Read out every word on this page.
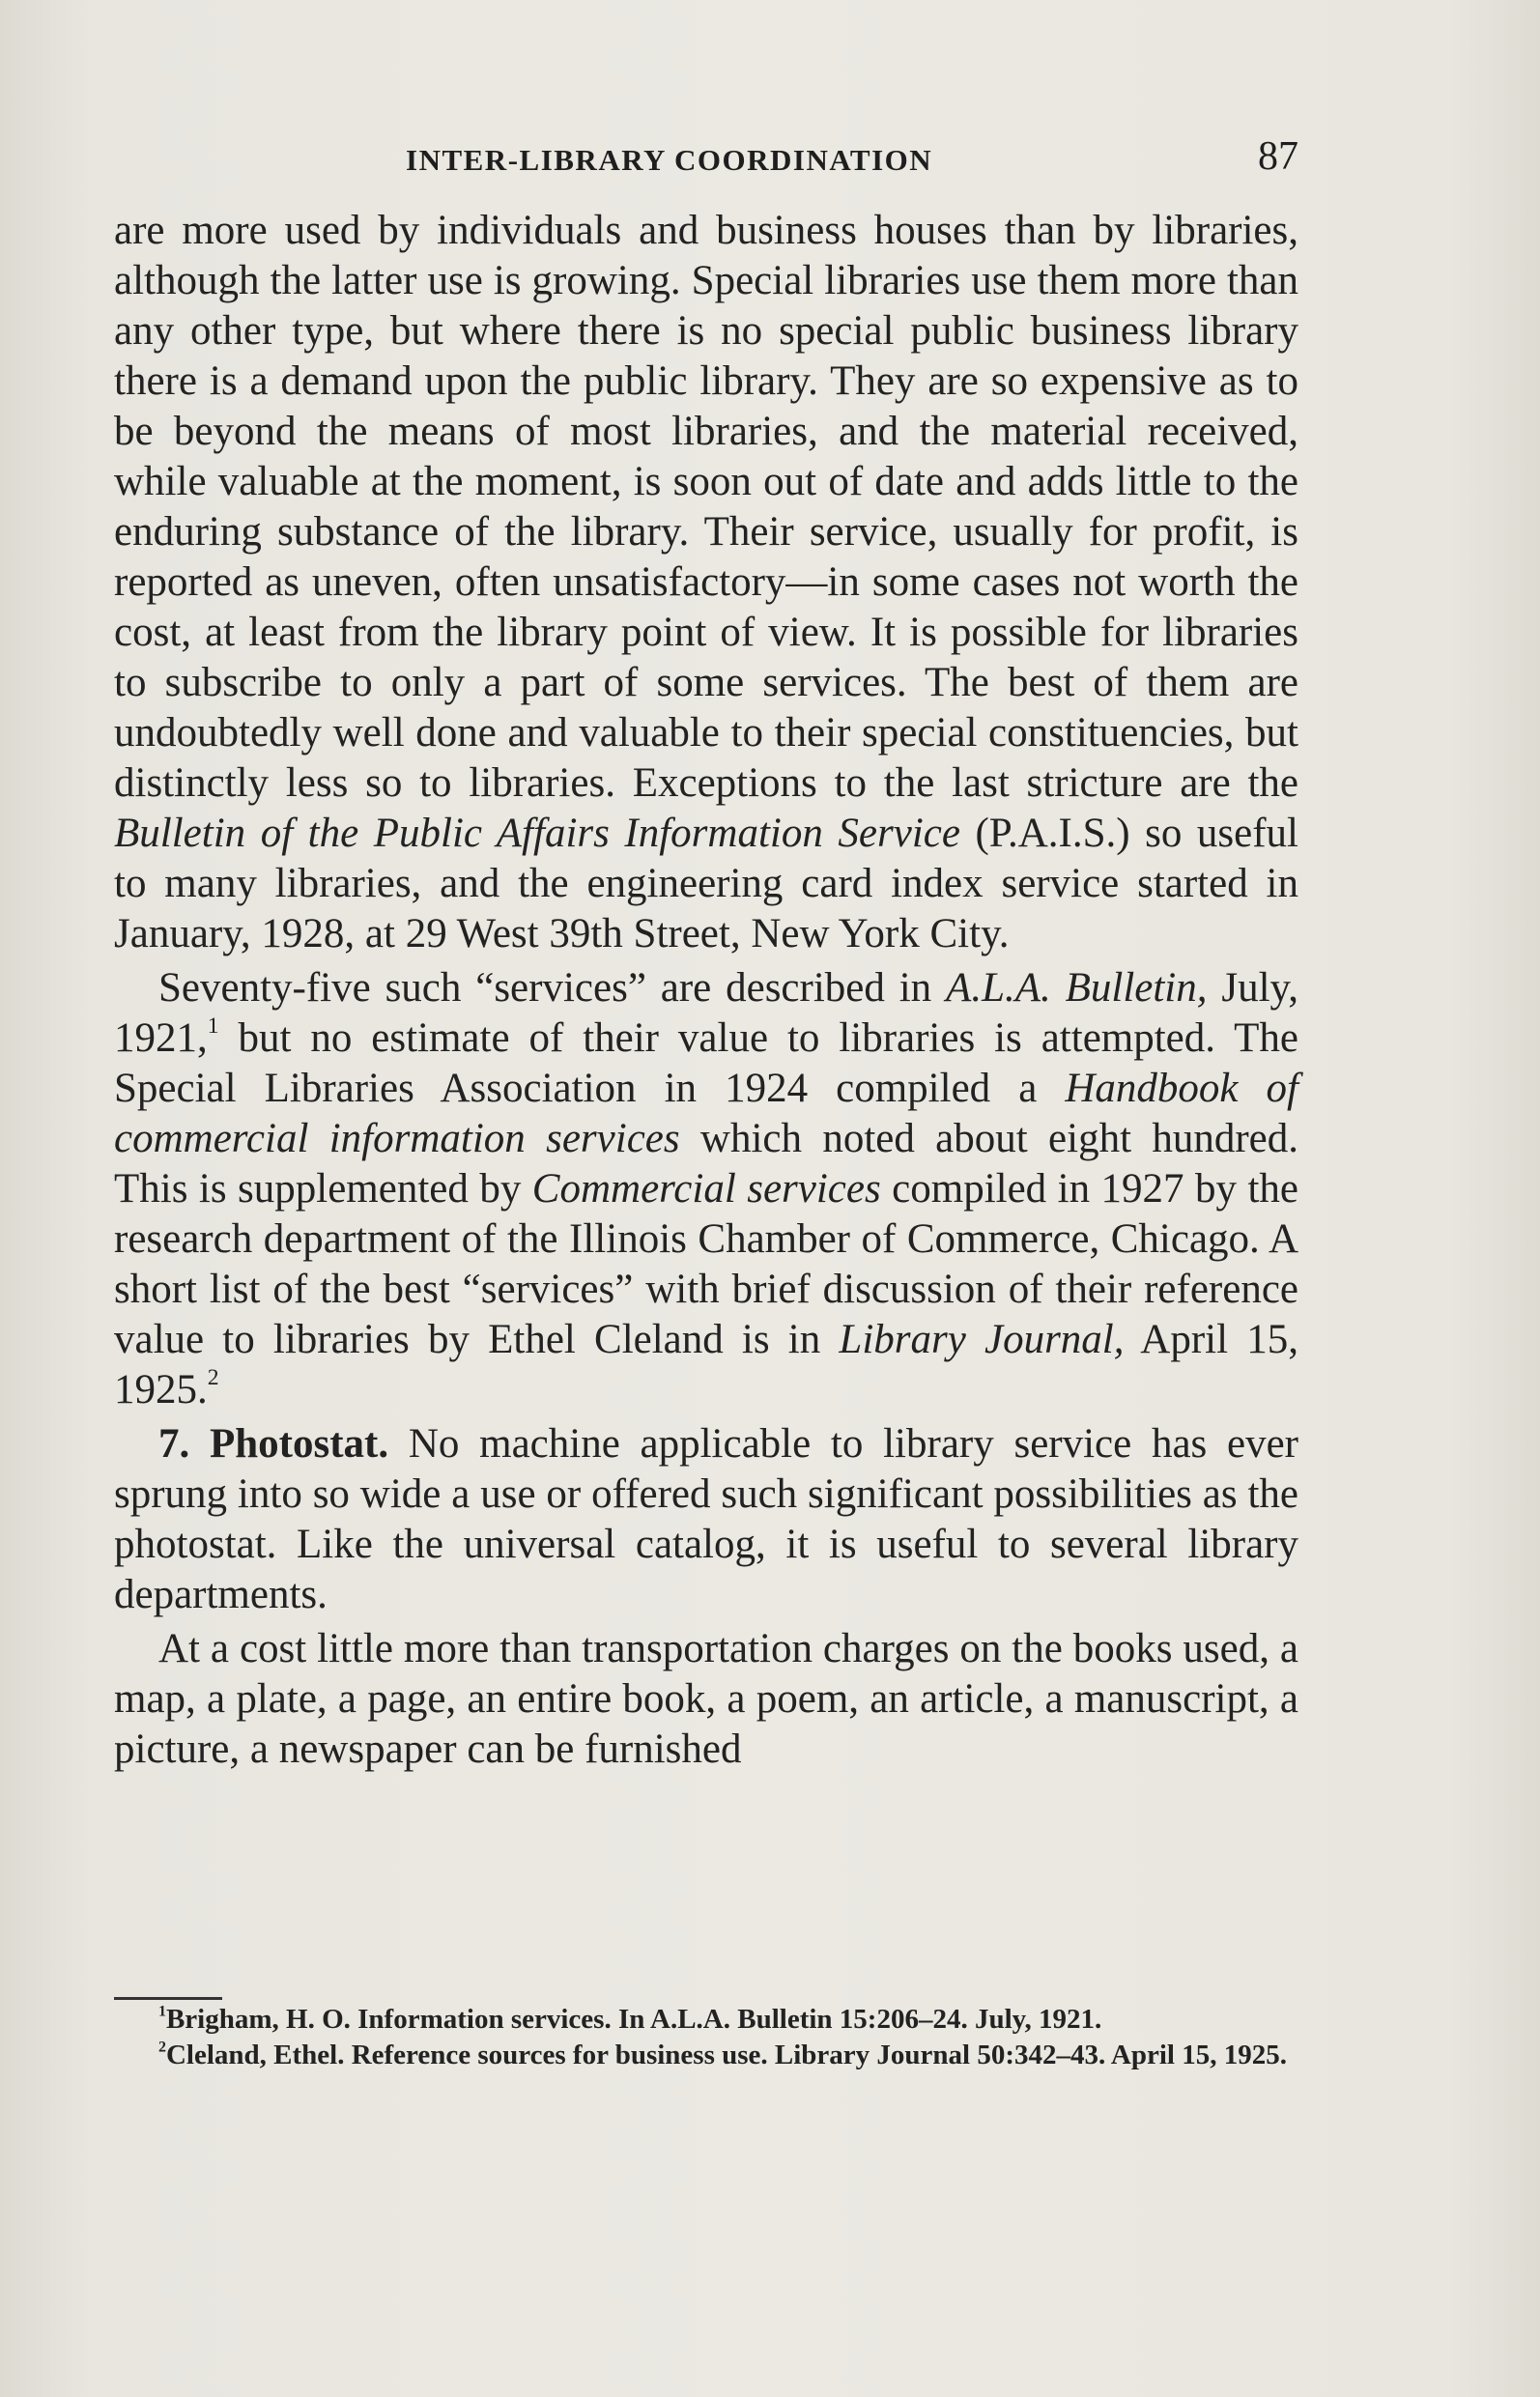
INTER-LIBRARY COORDINATION	87

are more used by individuals and business houses than by libraries, although the latter use is growing. Special libraries use them more than any other type, but where there is no special public business library there is a demand upon the public library. They are so expensive as to be beyond the means of most libraries, and the material received, while valuable at the moment, is soon out of date and adds little to the enduring substance of the library. Their service, usually for profit, is reported as uneven, often unsatisfactory—in some cases not worth the cost, at least from the library point of view. It is possible for libraries to subscribe to only a part of some services. The best of them are undoubtedly well done and valuable to their special constituencies, but distinctly less so to libraries. Exceptions to the last stricture are the Bulletin of the Public Affairs Information Service (P.A.I.S.) so useful to many libraries, and the engineering card index service started in January, 1928, at 29 West 39th Street, New York City.

Seventy-five such “services” are described in A.L.A. Bulletin, July, 1921,$^1$ but no estimate of their value to libraries is attempted. The Special Libraries Association in 1924 compiled a Handbook of commercial information services which noted about eight hundred. This is supplemented by Commercial services compiled in 1927 by the research department of the Illinois Chamber of Commerce, Chicago. A short list of the best “services” with brief discussion of their reference value to libraries by Ethel Cleland is in Library Journal, April 15, 1925.$^2$

7. Photostat. No machine applicable to library service has ever sprung into so wide a use or offered such significant possibilities as the photostat. Like the universal catalog, it is useful to several library departments.

At a cost little more than transportation charges on the books used, a map, a plate, a page, an entire book, a poem, an article, a manuscript, a picture, a newspaper can be furnished

$^1$Brigham, H. O. Information services. In A.L.A. Bulletin 15:206–24. July, 1921.

$^2$Cleland, Ethel. Reference sources for business use. Library Journal 50:342–43. April 15, 1925.
